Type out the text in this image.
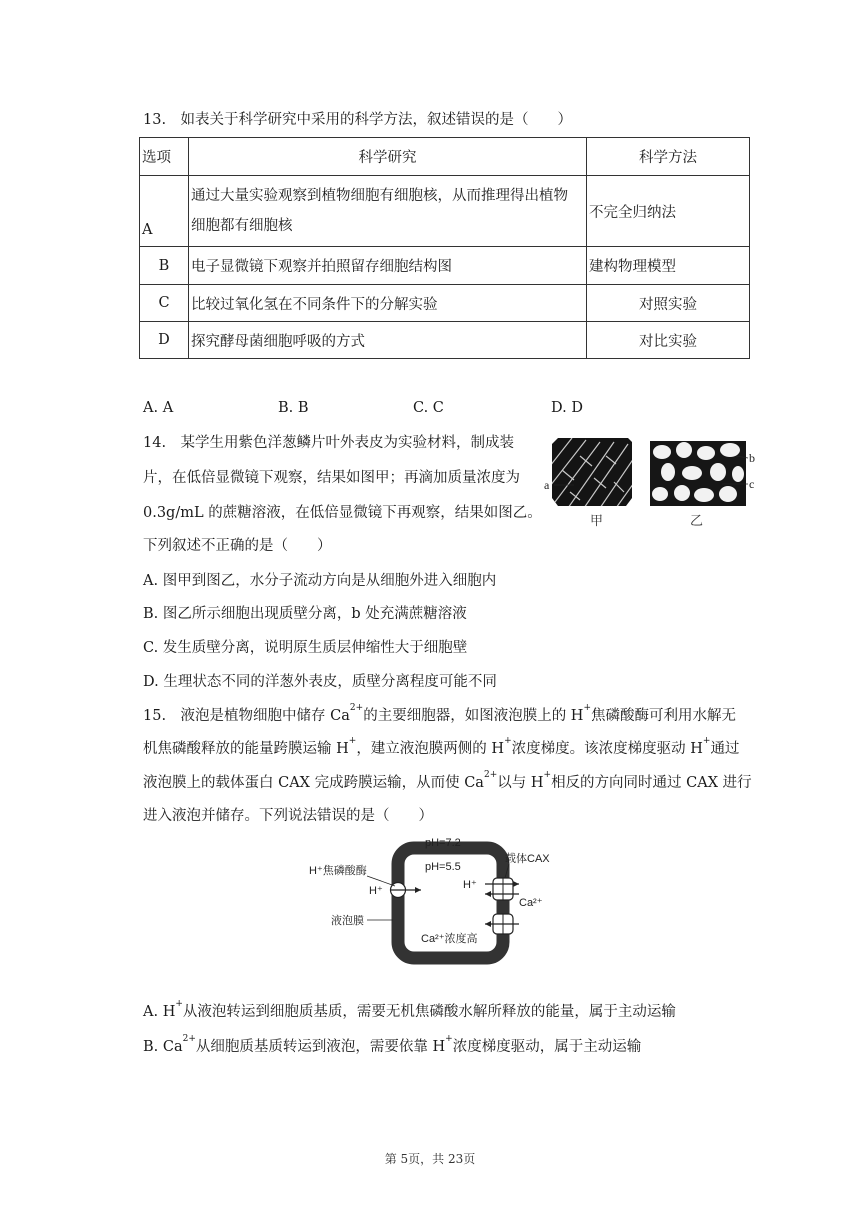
13.　如表关于科学研究中采用的科学方法，叙述错误的是（　　）
选项	科学研究	科学方法
A	通过大量实验观察到植物细胞有细胞核，从而推理得出植物
细胞都有细胞核	不完全归纳法
B	电子显微镜下观察并拍照留存细胞结构图	建构物理模型
C	比较过氧化氢在不同条件下的分解实验	对照实验
D	探究酵母菌细胞呼吸的方式	对比实验
A. A	B. B	C. C	D. D
14.　某学生用紫色洋葱鳞片叶外表皮为实验材料，制成装
片，在低倍显微镜下观察，结果如图甲；再滴加质量浓度为
0.3g/mL 的蔗糖溶液，在低倍显微镜下再观察，结果如图乙。
下列叙述不正确的是（　　）
a
甲
b
c
乙
A. 图甲到图乙，水分子流动方向是从细胞外进入细胞内
B. 图乙所示细胞出现质壁分离，b 处充满蔗糖溶液
C. 发生质壁分离，说明原生质层伸缩性大于细胞壁
D. 生理状态不同的洋葱外表皮，质壁分离程度可能不同
15.　液泡是植物细胞中储存 $Ca^{2+}$的主要细胞器，如图液泡膜上的 H+焦磷酸酶可利用水解无
机焦磷酸释放的能量跨膜运输 H+，建立液泡膜两侧的 H+浓度梯度。该浓度梯度驱动 H+通过
液泡膜上的载体蛋白 CAX 完成跨膜运输，从而使 $Ca^{2+}$以与 H+相反的方向同时通过 CAX 进行
进入液泡并储存。下列说法错误的是（　　）
pH=7.2
pH=5.5
H⁺焦磷酸酶
H⁺
载体CAX
H⁺
Ca²⁺
液泡膜
Ca²⁺浓度高
A. H+从液泡转运到细胞质基质，需要无机焦磷酸水解所释放的能量，属于主动运输
B. $Ca^{2+}$从细胞质基质转运到液泡，需要依靠 H+浓度梯度驱动，属于主动运输
第 5页，共 23页
